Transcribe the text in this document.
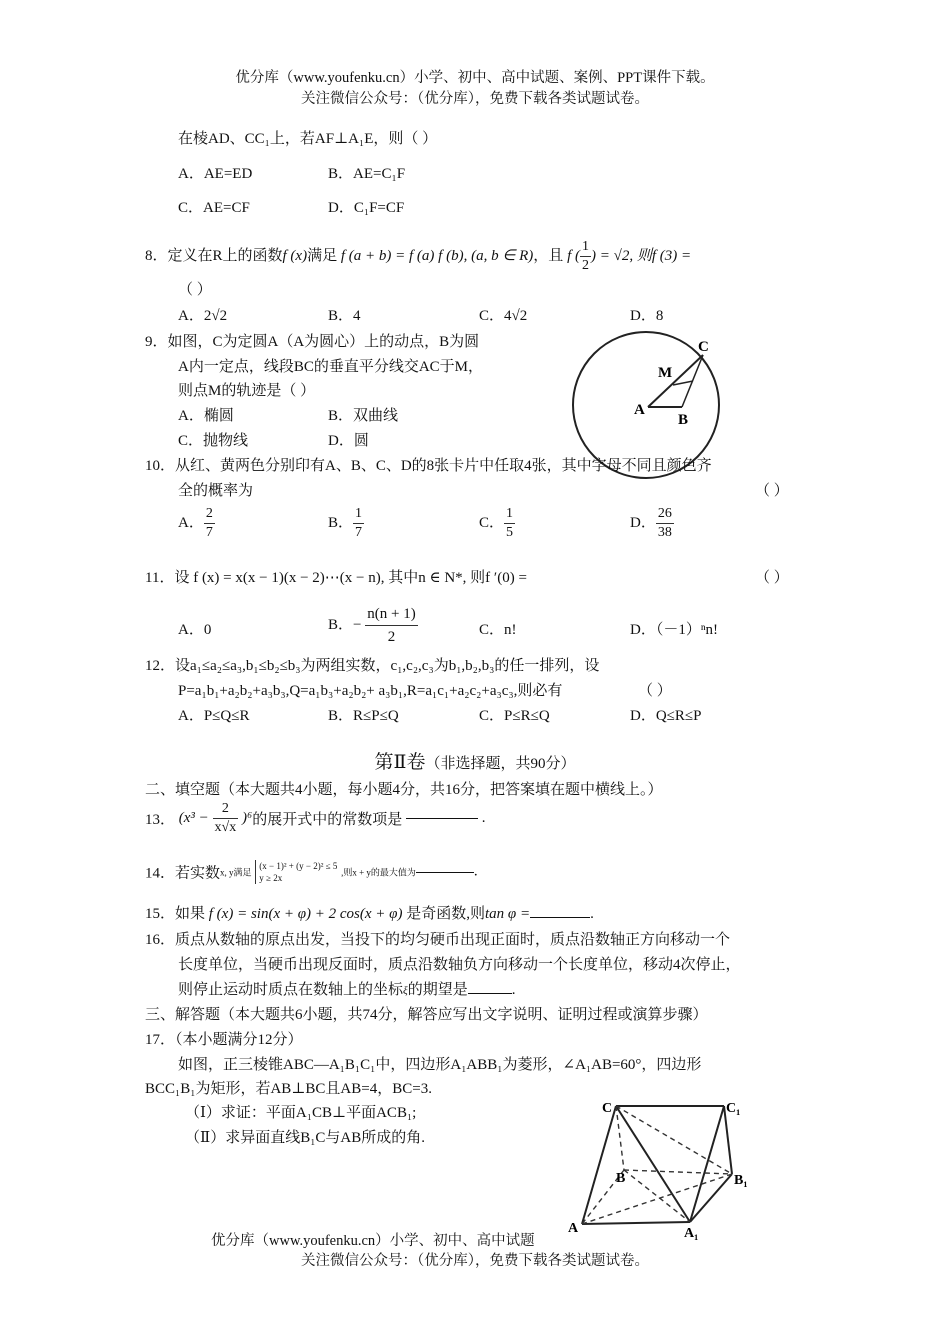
优分库（www.youfenku.cn）小学、初中、高中试题、案例、PPT课件下载。
关注微信公众号：（优分库），免费下载各类试题试卷。
在棱AD、CC₁上，若AF⊥A₁E，则（ ）
A．AE=ED	B．AE=C₁F
C．AE=CF	D．C₁F=CF
8．定义在R上的函数f (x)满足 f (a + b) = f (a) f (b), (a, b ∈ R)，且 f ( $\frac{1}{2}$ ) = √2, 则f (3) =
（ ）
A．2√2	B．4	C．4√2	D．8
9．如图，C为定圆A（A为圆心）上的动点，B为圆
A内一定点，线段BC的垂直平分线交AC于M，
则点M的轨迹是（ ）
A．椭圆	B．双曲线
C．抛物线	D．圆
A
B
C
M
10．从红、黄两色分别印有A、B、C、D的8张卡片中任取4张，其中字母不同且颜色齐
全的概率为	（ ）
A． $\frac{2}{7}$	B． $\frac{1}{7}$	C． $\frac{1}{5}$	D． $\frac{26}{38}$
11．设 f (x) = x(x − 1)(x − 2)⋯(x − n), 其中n ∈ N*, 则f ′(0) =	（ ）
A．0	B．− $\frac{n(n + 1)}{2}$	C．n!	D．（－1）ⁿn!
12．设a₁≤a₂≤a₃,b₁≤b₂≤b₃为两组实数，c₁,c₂,c₃为b₁,b₂,b₃的任一排列，设
P=a₁b₁+a₂b₂+a₃b₃,Q=a₁b₃+a₂b₂+ a₃b₁,R=a₁c₁+a₂c₂+a₃c₃,则必有	（ ）
A．P≤Q≤R	B．R≤P≤Q	C．P≤R≤Q	D．Q≤R≤P
第Ⅱ卷（非选择题，共90分）
二、填空题（本大题共4小题，每小题4分，共16分，把答案填在题中横线上。）
13． $(x^3 - \frac{2}{x√x} )^6$的展开式中的常数项是	.
14．若实数x, y满足
(x − 1)² + (y − 2)² ≤ 5
y ≥ 2x
,则x + y的最大值为	.
15．如果 f (x) = sin(x + φ) + 2 cos(x + φ) 是奇函数,则tan φ =	.
16．质点从数轴的原点出发，当投下的均匀硬币出现正面时，质点沿数轴正方向移动一个
长度单位，当硬币出现反面时，质点沿数轴负方向移动一个长度单位，移动4次停止，
则停止运动时质点在数轴上的坐标ξ的期望是	.
三、解答题（本大题共6小题，共74分，解答应写出文字说明、证明过程或演算步骤）
17．（本小题满分12分）
如图，正三棱锥ABC—A₁B₁C₁中，四边形A₁ABB₁为菱形，∠A₁AB=60°，四边形
BCC₁B₁为矩形，若AB⊥BC且AB=4，BC=3.
（Ⅰ）求证：平面A₁CB⊥平面ACB₁;
（Ⅱ）求异面直线B₁C与AB所成的角.
C	C₁
B	B₁
A	A₁
优分库（www.youfenku.cn）小学、初中、高中试题
关注微信公众号：（优分库），免费下载各类试题试卷。
